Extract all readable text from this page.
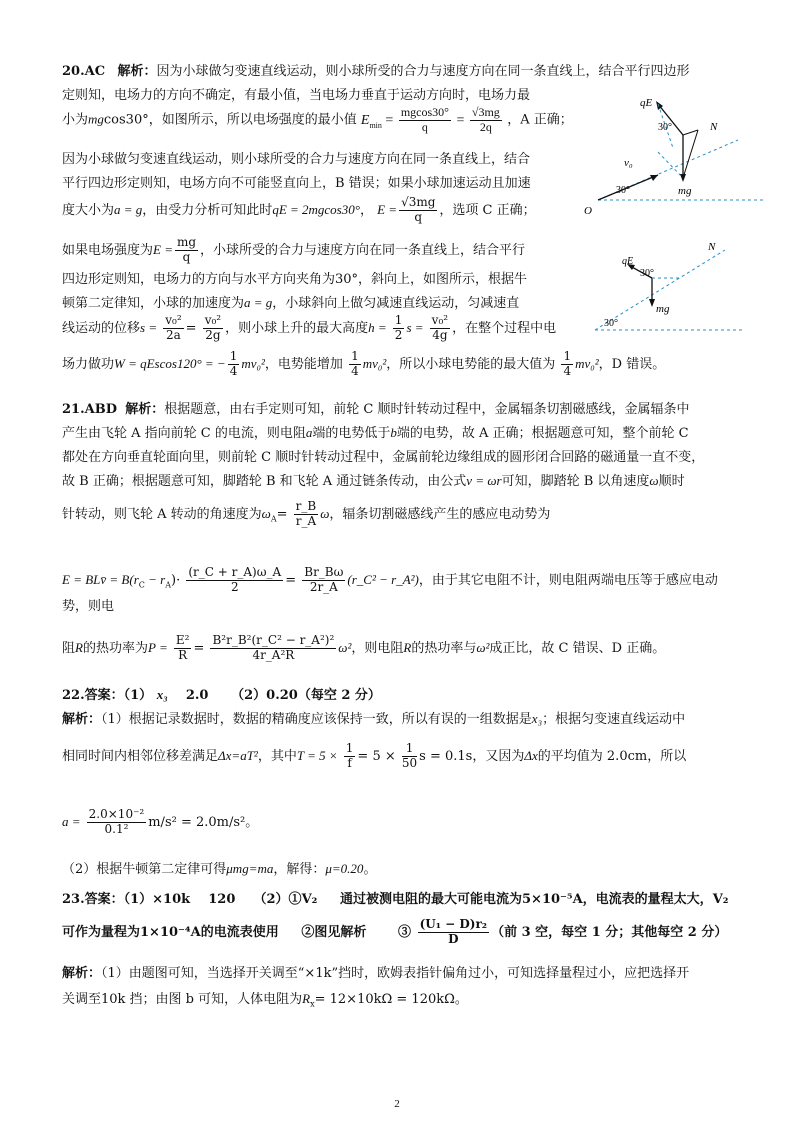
20.AC 解析：因为小球做匀变速直线运动，则小球所受的合力与速度方向在同一条直线上，结合平行四边形
定则知，电场力的方向不确定，有最小值，当电场力垂直于运动方向时，电场力最
小为mgcos30°，如图所示，所以电场强度的最小值 $E_{min} = \frac{mgcos30^\circ}{q} = \frac{√3mg}{2q}$ ，A 正确；
因为小球做匀变速直线运动，则小球所受的合力与速度方向在同一条直线上，结合
平行四边形定则知，电场方向不可能竖直向上，B 错误；如果小球加速运动且加速
度大小为a = g，由受力分析可知此时qE = 2mgcos30°， $E = \frac{√3mg}{q}$ ，选项 C 正确；
如果电场强度为$E = \frac{mg}{q}$ ，小球所受的合力与速度方向在同一条直线上，结合平行
四边形定则知，电场力的方向与水平方向夹角为30°，斜向上，如图所示，根据牛
顿第二定律知，小球的加速度为a = g，小球斜向上做匀减速直线运动，匀减速直
线运动的位移$s = \frac{\text{v₀²}}{2a} = \frac{\text{v₀²}}{2g}$ ，则小球上升的最大高度$h = \frac{1}{2}$ $s = \frac{\text{v₀²}}{4g}$ ，在整个过程中电
场力做功W = qEscos120° = − $\frac{1}{4} mv_0^2$，电势能增加 $\frac{1}{4} mv_0^2$，所以小球电势能的最大值为 $\frac{1}{4} mv_0^2$，D 错误。
qE
30°	N
v₀
30°
O
mg
N
qE
30°
mg
30°
21.ABD 解析：根据题意，由右手定则可知，前轮 C 顺时针转动过程中，金属辐条切割磁感线，金属辐条中
产生由飞轮 A 指向前轮 C 的电流，则电阻a端的电势低于b端的电势，故 A 正确；根据题意可知，整个前轮 C
都处在方向垂直轮面向里，则前轮 C 顺时针转动过程中，金属前轮边缘组成的圆形闭合回路的磁通量一直不变，
故 B 正确；根据题意可知，脚踏轮 B 和飞轮 A 通过链条传动，由公式v = ωr可知，脚踏轮 B 以角速度ω顺时
针转动，则飞轮 A 转动的角速度为$\omega_A= \frac{r\_B}{r\_A}$ ω，辐条切割磁感线产生的感应电动势为
E = BLv̄ = $B(r_C - r_A)\cdot \frac{(r\_C + r\_A)\omega\_A}{2} = \frac{Br\_B\omega}{2r\_A}$ (r_C² − r_A²)，由于其它电阻不计，则电阻两端电压等于感应电动势，则电
阻R的热功率为$P = \frac{\text{E²}}{R} = \frac{\text{B²r\_B²(r\_C² − r\_A²)²}}{\text{4r\_A²R}} \omega^2$，则电阻R的热功率与ω²成正比，故 C 错误、D 正确。
22.答案：（1） x₃ 2.0 （2）0.20（每空 2 分）
解析：（1）根据记录数据时，数据的精确度应该保持一致，所以有误的一组数据是x₃；根据匀变速直线运动中
相同时间内相邻位移差满足Δx=aT²，其中$T = 5 \times \frac{1}{f} = 5 \times \frac{1}{50}$ s = 0.1s，又因为Δx的平均值为 2.0cm，所以
$a = \frac{\text{2.0×10⁻²}}{\text{0.1²}} m/s^2 = 2.0m/s^2$。
（2）根据牛顿第二定律可得μmg=ma，解得：μ=0.20。
23.答案：（1）×10k 120 （2）①V₂ 通过被测电阻的最大可能电流为5×10⁻⁵A，电流表的量程太大，V₂
可作为量程为1×10⁻⁴A的电流表使用 ②图见解析 ③ $\frac{\text{(U₁ − D)r₂}}{D}$ （前 3 空，每空 1 分；其他每空 2 分）
解析：（1）由题图可知，当选择开关调至“×1k”挡时，欧姆表指针偏角过小，可知选择量程过小，应把选择开
关调至10k 挡；由图 b 可知，人体电阻为$R_x= 12\times 10k\Omega = 120k\Omega$。
2
